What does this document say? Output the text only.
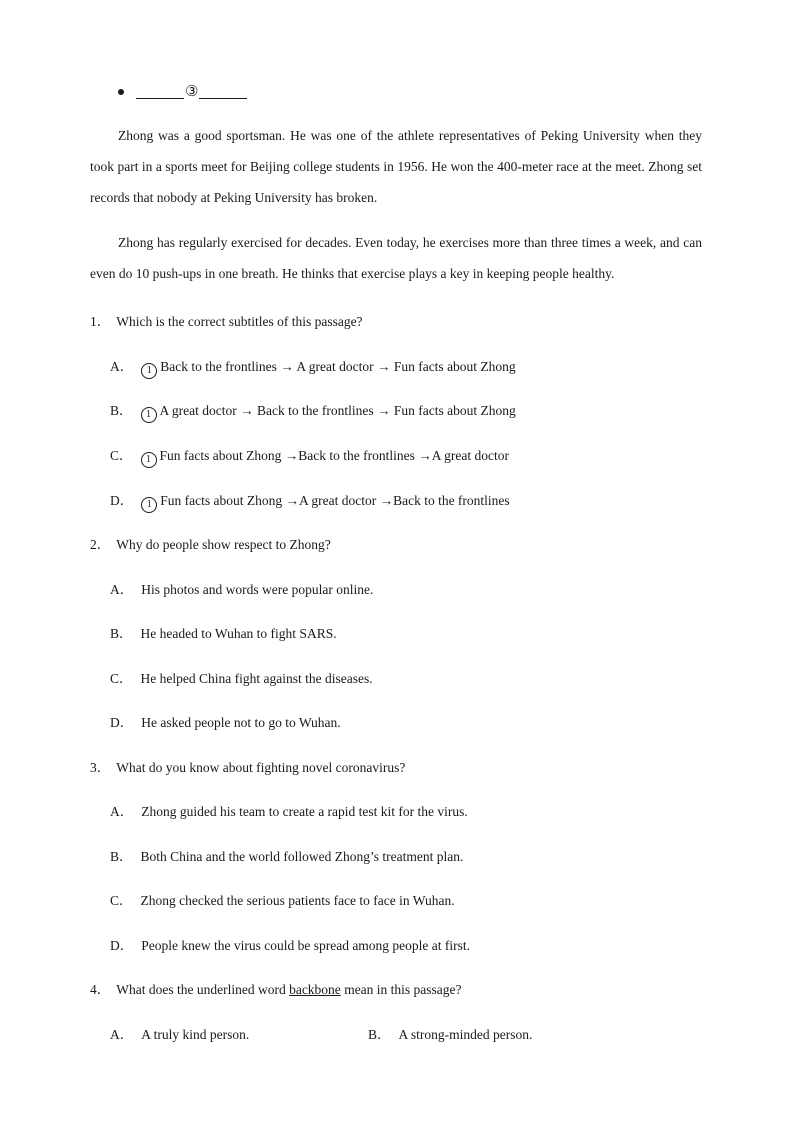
③
Zhong was a good sportsman. He was one of the athlete representatives of Peking University when they took part in a sports meet for Beijing college students in 1956. He won the 400-meter race at the meet. Zhong set records that nobody at Peking University has broken.
Zhong has regularly exercised for decades. Even today, he exercises more than three times a week, and can even do 10 push-ups in one breath. He thinks that exercise plays a key in keeping people healthy.
1． Which is the correct subtitles of this passage?
A． 1 Back to the frontlines → A great doctor → Fun facts about Zhong
B． 1 A great doctor → Back to the frontlines → Fun facts about Zhong
C． 1 Fun facts about Zhong →Back to the frontlines →A great doctor
D． 1 Fun facts about Zhong →A great doctor →Back to the frontlines
2． Why do people show respect to Zhong?
A． His photos and words were popular online.
B． He headed to Wuhan to fight SARS.
C． He helped China fight against the diseases.
D． He asked people not to go to Wuhan.
3． What do you know about fighting novel coronavirus?
A． Zhong guided his team to create a rapid test kit for the virus.
B． Both China and the world followed Zhong’s treatment plan.
C． Zhong checked the serious patients face to face in Wuhan.
D． People knew the virus could be spread among people at first.
4． What does the underlined word backbone mean in this passage?
A． A truly kind person.	B． A strong-minded person.
